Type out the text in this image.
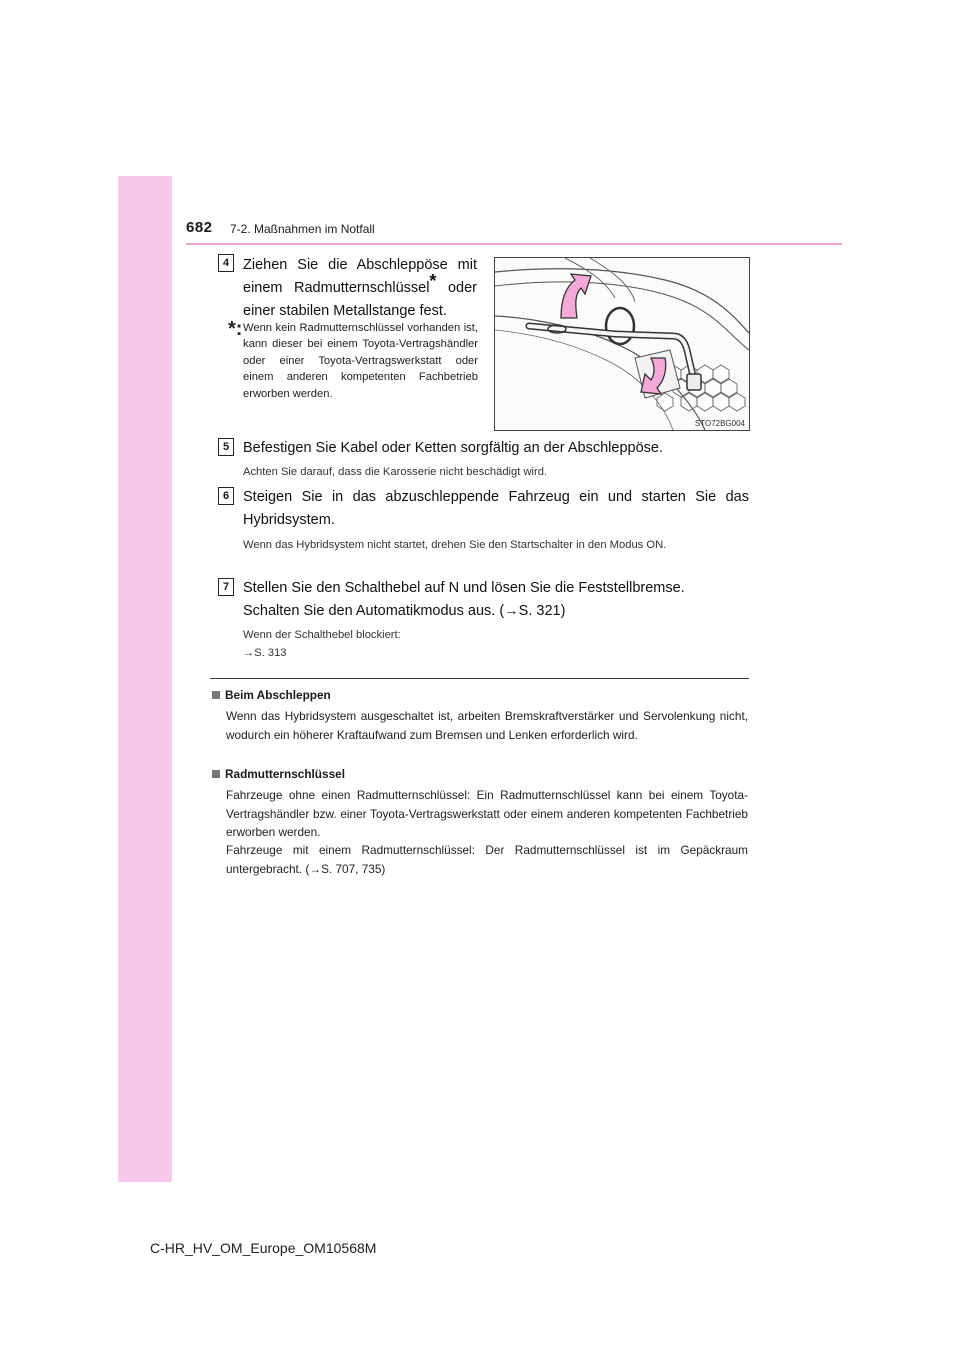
682 7-2. Maßnahmen im Notfall
4 Ziehen Sie die Abschleppöse mit einem Radmutternschlüssel* oder einer stabilen Metallstange fest.
*: Wenn kein Radmutternschlüssel vorhanden ist, kann dieser bei einem Toyota-Vertragshändler oder einer Toyota-Vertragswerkstatt oder einem anderen kompetenten Fachbetrieb erworben werden.
STO72BG004
5 Befestigen Sie Kabel oder Ketten sorgfältig an der Abschleppöse.
Achten Sie darauf, dass die Karosserie nicht beschädigt wird.
6 Steigen Sie in das abzuschleppende Fahrzeug ein und starten Sie das Hybridsystem.
Wenn das Hybridsystem nicht startet, drehen Sie den Startschalter in den Modus ON.
7 Stellen Sie den Schalthebel auf N und lösen Sie die Feststellbremse.
Schalten Sie den Automatikmodus aus. (→S. 321)
Wenn der Schalthebel blockiert:
→S. 313
Beim Abschleppen
Wenn das Hybridsystem ausgeschaltet ist, arbeiten Bremskraftverstärker und Servolenkung nicht, wodurch ein höherer Kraftaufwand zum Bremsen und Lenken erforderlich wird.
Radmutternschlüssel
Fahrzeuge ohne einen Radmutternschlüssel: Ein Radmutternschlüssel kann bei einem Toyota-Vertragshändler bzw. einer Toyota-Vertragswerkstatt oder einem anderen kompetenten Fachbetrieb erworben werden.
Fahrzeuge mit einem Radmutternschlüssel: Der Radmutternschlüssel ist im Gepäckraum untergebracht. (→S. 707, 735)
C-HR_HV_OM_Europe_OM10568M
